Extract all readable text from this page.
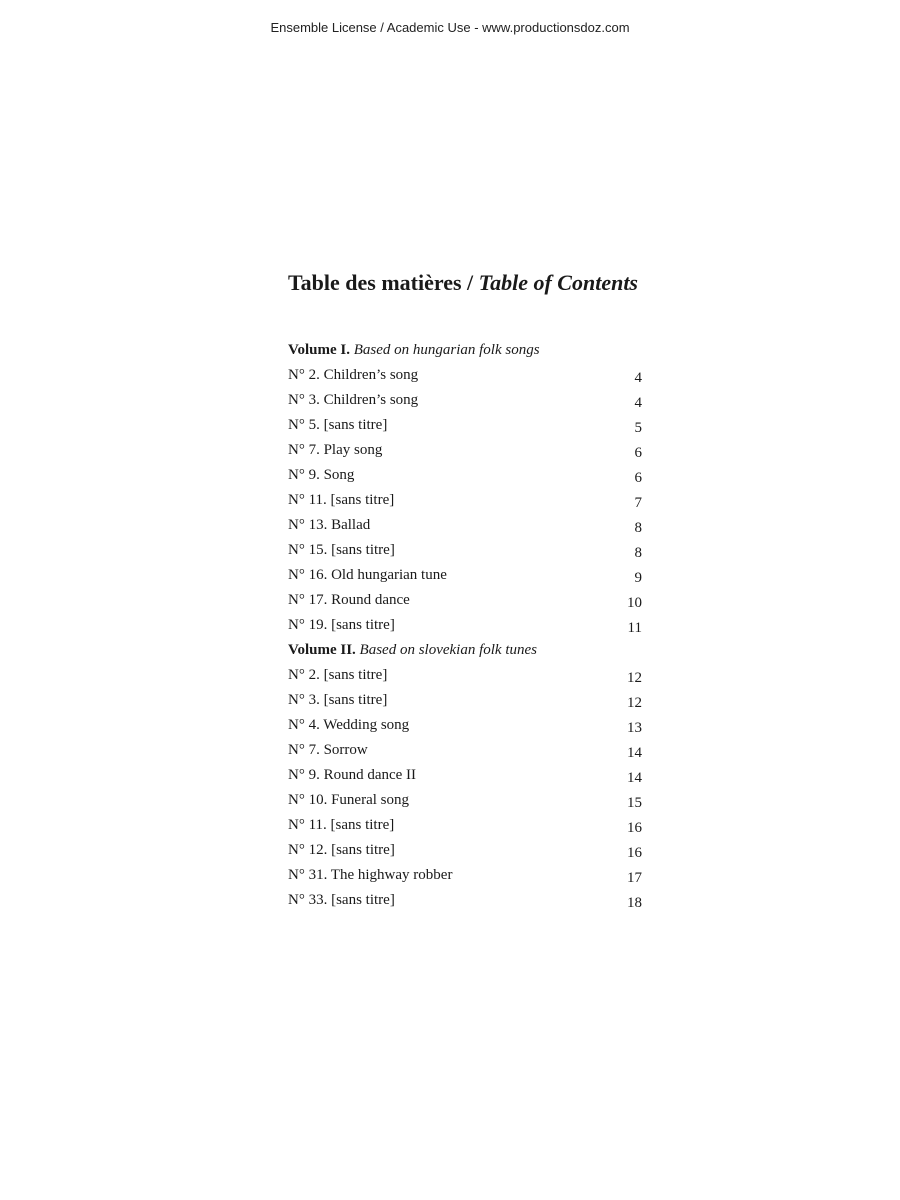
Ensemble License / Academic Use - www.productionsdoz.com
Table des matières / Table of Contents
Volume I. Based on hungarian folk songs
N° 2. Children’s song	4
N° 3. Children’s song	4
N° 5. [sans titre]	5
N° 7. Play song	6
N° 9. Song	6
N° 11. [sans titre]	7
N° 13. Ballad	8
N° 15. [sans titre]	8
N° 16. Old hungarian tune	9
N° 17. Round dance	10
N° 19. [sans titre]	11
Volume II. Based on slovekian folk tunes
N° 2. [sans titre]	12
N° 3. [sans titre]	12
N° 4. Wedding song	13
N° 7. Sorrow	14
N° 9. Round dance II	14
N° 10. Funeral song	15
N° 11. [sans titre]	16
N° 12. [sans titre]	16
N° 31. The highway robber	17
N° 33. [sans titre]	18
